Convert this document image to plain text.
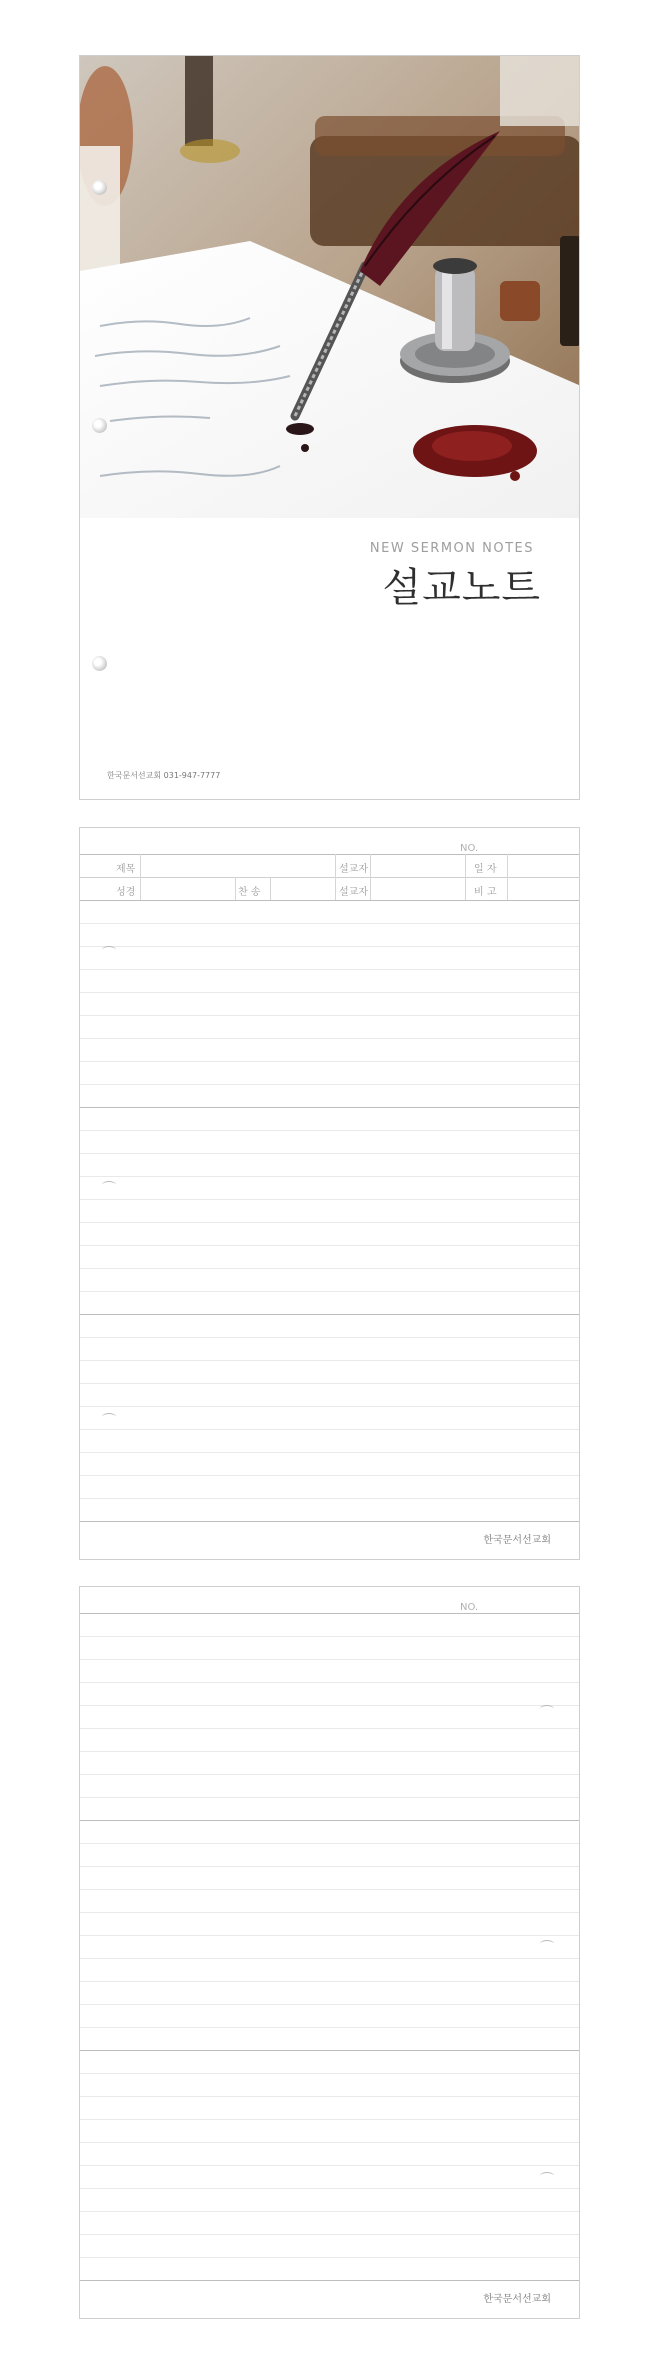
NEW SERMON NOTES
설교노트
한국문서선교회 031-947-7777
NO.
제목	설교자	일 자
성경	찬 송	설교자	비 고
한국문서선교회
NO.
한국문서선교회
